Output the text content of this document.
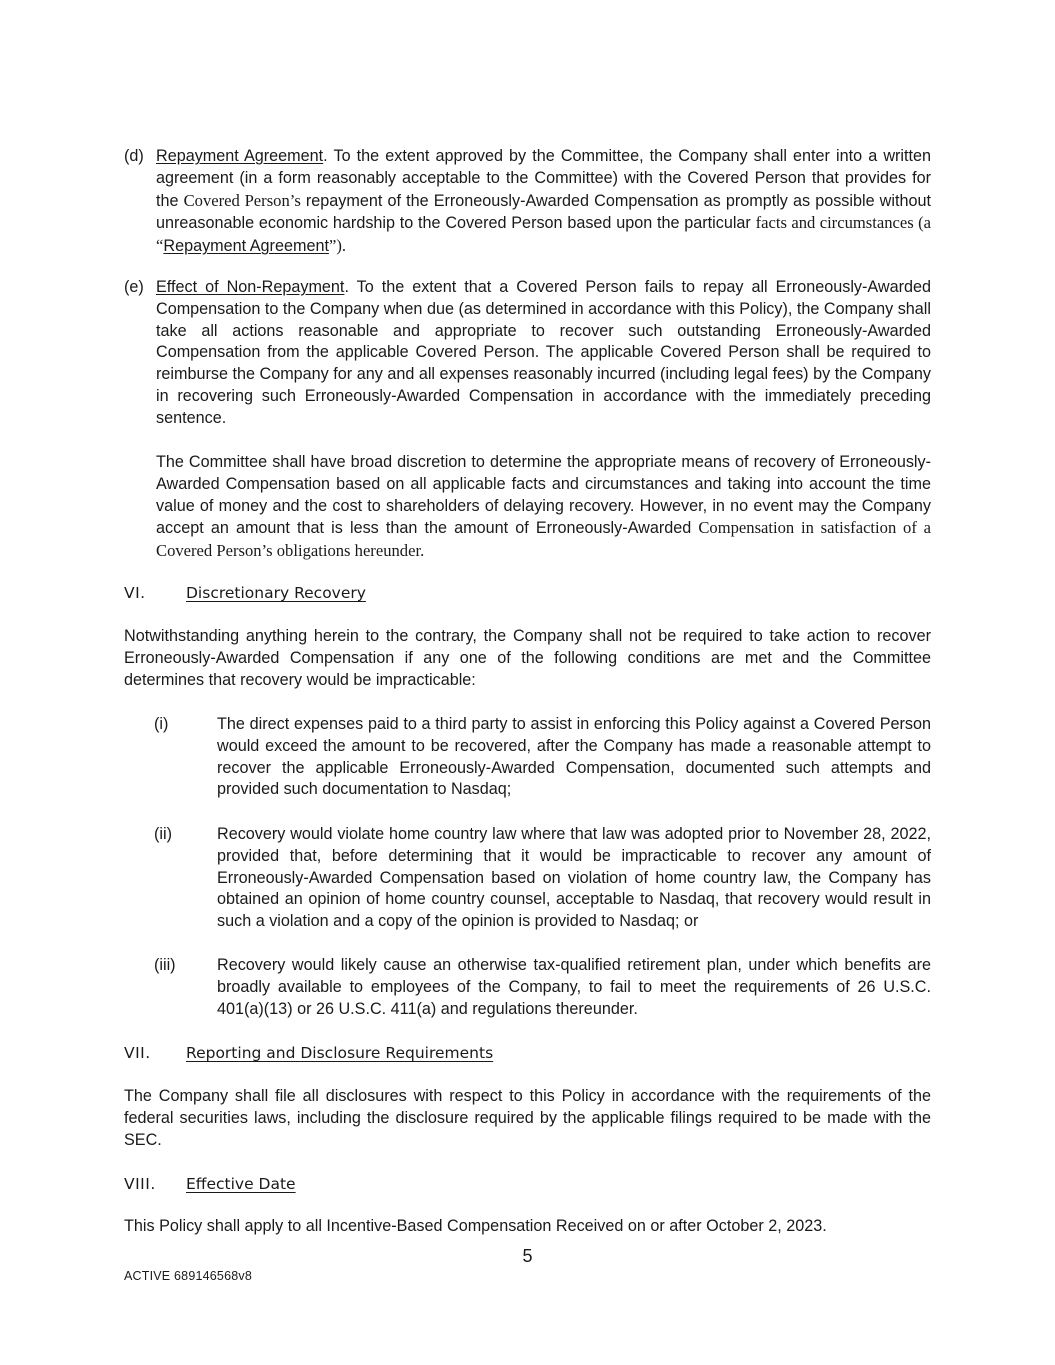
(d) Repayment Agreement. To the extent approved by the Committee, the Company shall enter into a written agreement (in a form reasonably acceptable to the Committee) with the Covered Person that provides for the Covered Person’s repayment of the Erroneously-Awarded Compensation as promptly as possible without unreasonable economic hardship to the Covered Person based upon the particular facts and circumstances (a “Repayment Agreement”).

(e) Effect of Non-Repayment. To the extent that a Covered Person fails to repay all Erroneously-Awarded Compensation to the Company when due (as determined in accordance with this Policy), the Company shall take all actions reasonable and appropriate to recover such outstanding Erroneously-Awarded Compensation from the applicable Covered Person. The applicable Covered Person shall be required to reimburse the Company for any and all expenses reasonably incurred (including legal fees) by the Company in recovering such Erroneously-Awarded Compensation in accordance with the immediately preceding sentence.

The Committee shall have broad discretion to determine the appropriate means of recovery of Erroneously-Awarded Compensation based on all applicable facts and circumstances and taking into account the time value of money and the cost to shareholders of delaying recovery. However, in no event may the Company accept an amount that is less than the amount of Erroneously-Awarded Compensation in satisfaction of a Covered Person’s obligations hereunder.

VI.	Discretionary Recovery

Notwithstanding anything herein to the contrary, the Company shall not be required to take action to recover Erroneously-Awarded Compensation if any one of the following conditions are met and the Committee determines that recovery would be impracticable:

(i)	The direct expenses paid to a third party to assist in enforcing this Policy against a Covered Person would exceed the amount to be recovered, after the Company has made a reasonable attempt to recover the applicable Erroneously-Awarded Compensation, documented such attempts and provided such documentation to Nasdaq;
(ii)	Recovery would violate home country law where that law was adopted prior to November 28, 2022, provided that, before determining that it would be impracticable to recover any amount of Erroneously-Awarded Compensation based on violation of home country law, the Company has obtained an opinion of home country counsel, acceptable to Nasdaq, that recovery would result in such a violation and a copy of the opinion is provided to Nasdaq; or
(iii)	Recovery would likely cause an otherwise tax-qualified retirement plan, under which benefits are broadly available to employees of the Company, to fail to meet the requirements of 26 U.S.C. 401(a)(13) or 26 U.S.C. 411(a) and regulations thereunder.
VII. Reporting and Disclosure Requirements

The Company shall file all disclosures with respect to this Policy in accordance with the requirements of the federal securities laws, including the disclosure required by the applicable filings required to be made with the SEC.

VIII. Effective Date

This Policy shall apply to all Incentive-Based Compensation Received on or after October 2, 2023.

5
ACTIVE 689146568v8
